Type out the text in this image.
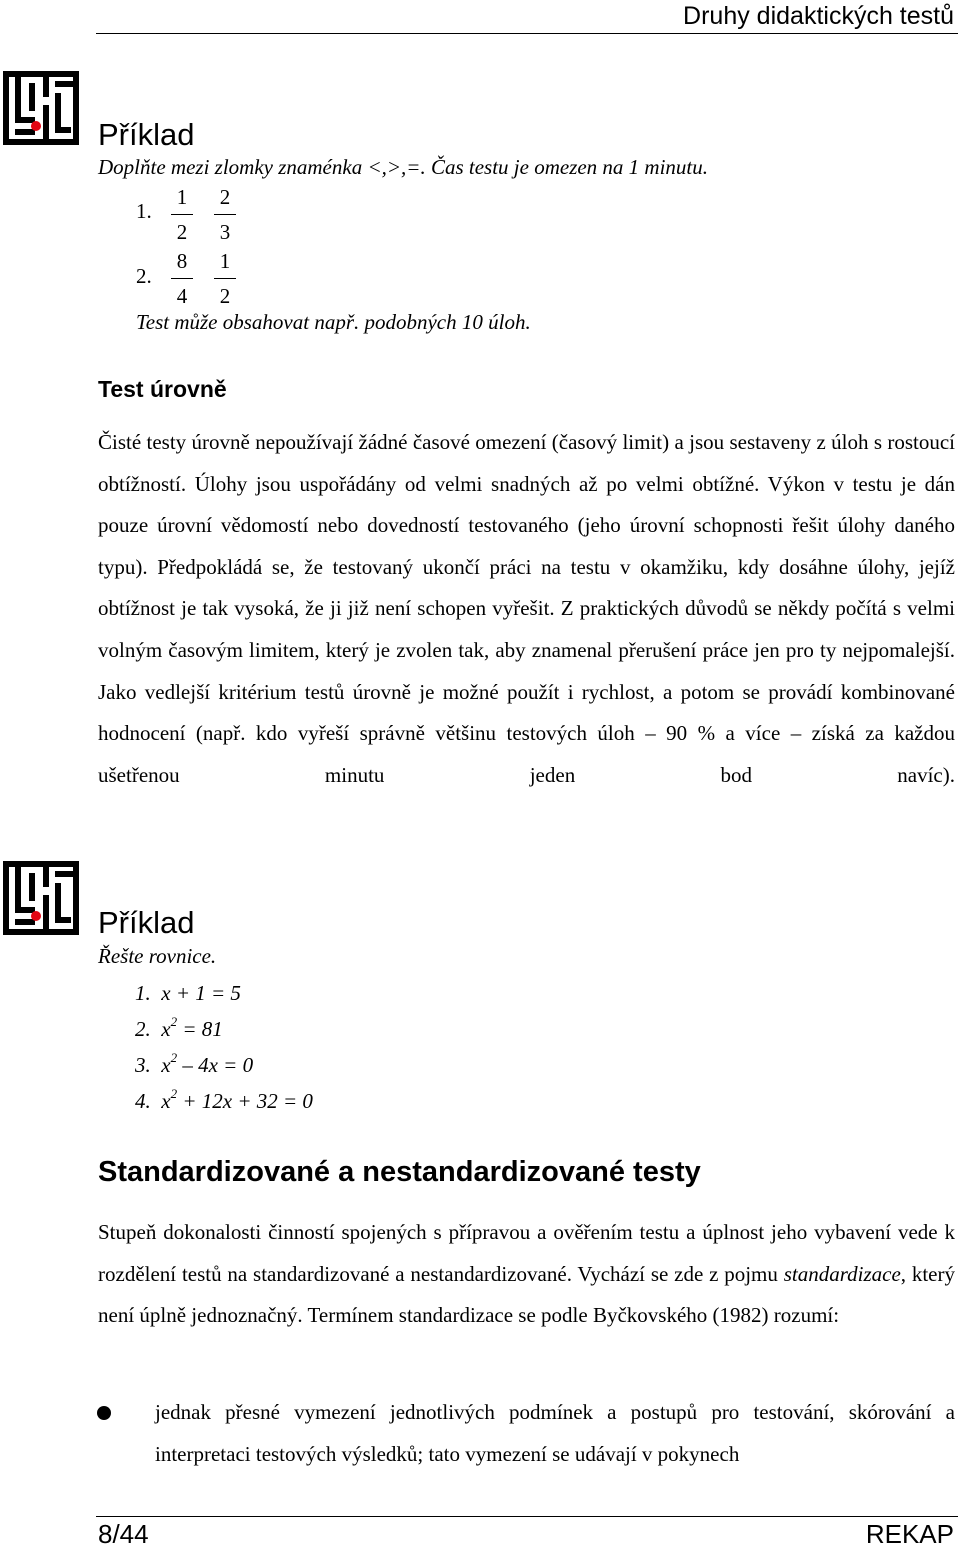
Druhy didaktických testů
Příklad
Doplňte mezi zlomky znaménka <,>,=. Čas testu je omezen na 1 minutu.
1.
1
2
2
3
2.
8
4
1
2
Test může obsahovat např. podobných 10 úloh.
Test úrovně
Čisté testy úrovně nepoužívají žádné časové omezení (časový limit) a jsou sestaveny z úloh s rostoucí obtížností. Úlohy jsou uspořádány od velmi snadných až po velmi obtížné. Výkon v testu je dán pouze úrovní vědomostí nebo dovedností testovaného (jeho úrovní schopnosti řešit úlohy daného typu). Předpokládá se, že testovaný ukončí práci na testu v okamžiku, kdy dosáhne úlohy, jejíž obtížnost je tak vysoká, že ji již není schopen vyřešit. Z praktických důvodů se někdy počítá s velmi volným časovým limitem, který je zvolen tak, aby znamenal přerušení práce jen pro ty nejpomalejší. Jako vedlejší kritérium testů úrovně je možné použít i rychlost, a potom se provádí kombinované hodnocení (např. kdo vyřeší správně většinu testových úloh – 90 % a více – získá za každou ušetřenou minutu jeden bod navíc).
Příklad
Řešte rovnice.
1. x + 1 = 5
2. $x^2 = 81$
3. $x^2 - 4x = 0$
4. $x^2 + 12x + 32 = 0$
Standardizované a nestandardizované testy
Stupeň dokonalosti činností spojených s přípravou a ověřením testu a úplnost jeho vybavení vede k rozdělení testů na standardizované a nestandardizované. Vychází se zde z pojmu standardizace, který není úplně jednoznačný. Termínem standardizace se podle Byčkovského (1982) rozumí:
jednak přesné vymezení jednotlivých podmínek a postupů pro testování, skórování a interpretaci testových výsledků; tato vymezení se udávají v pokynech
8/44	REKAP
